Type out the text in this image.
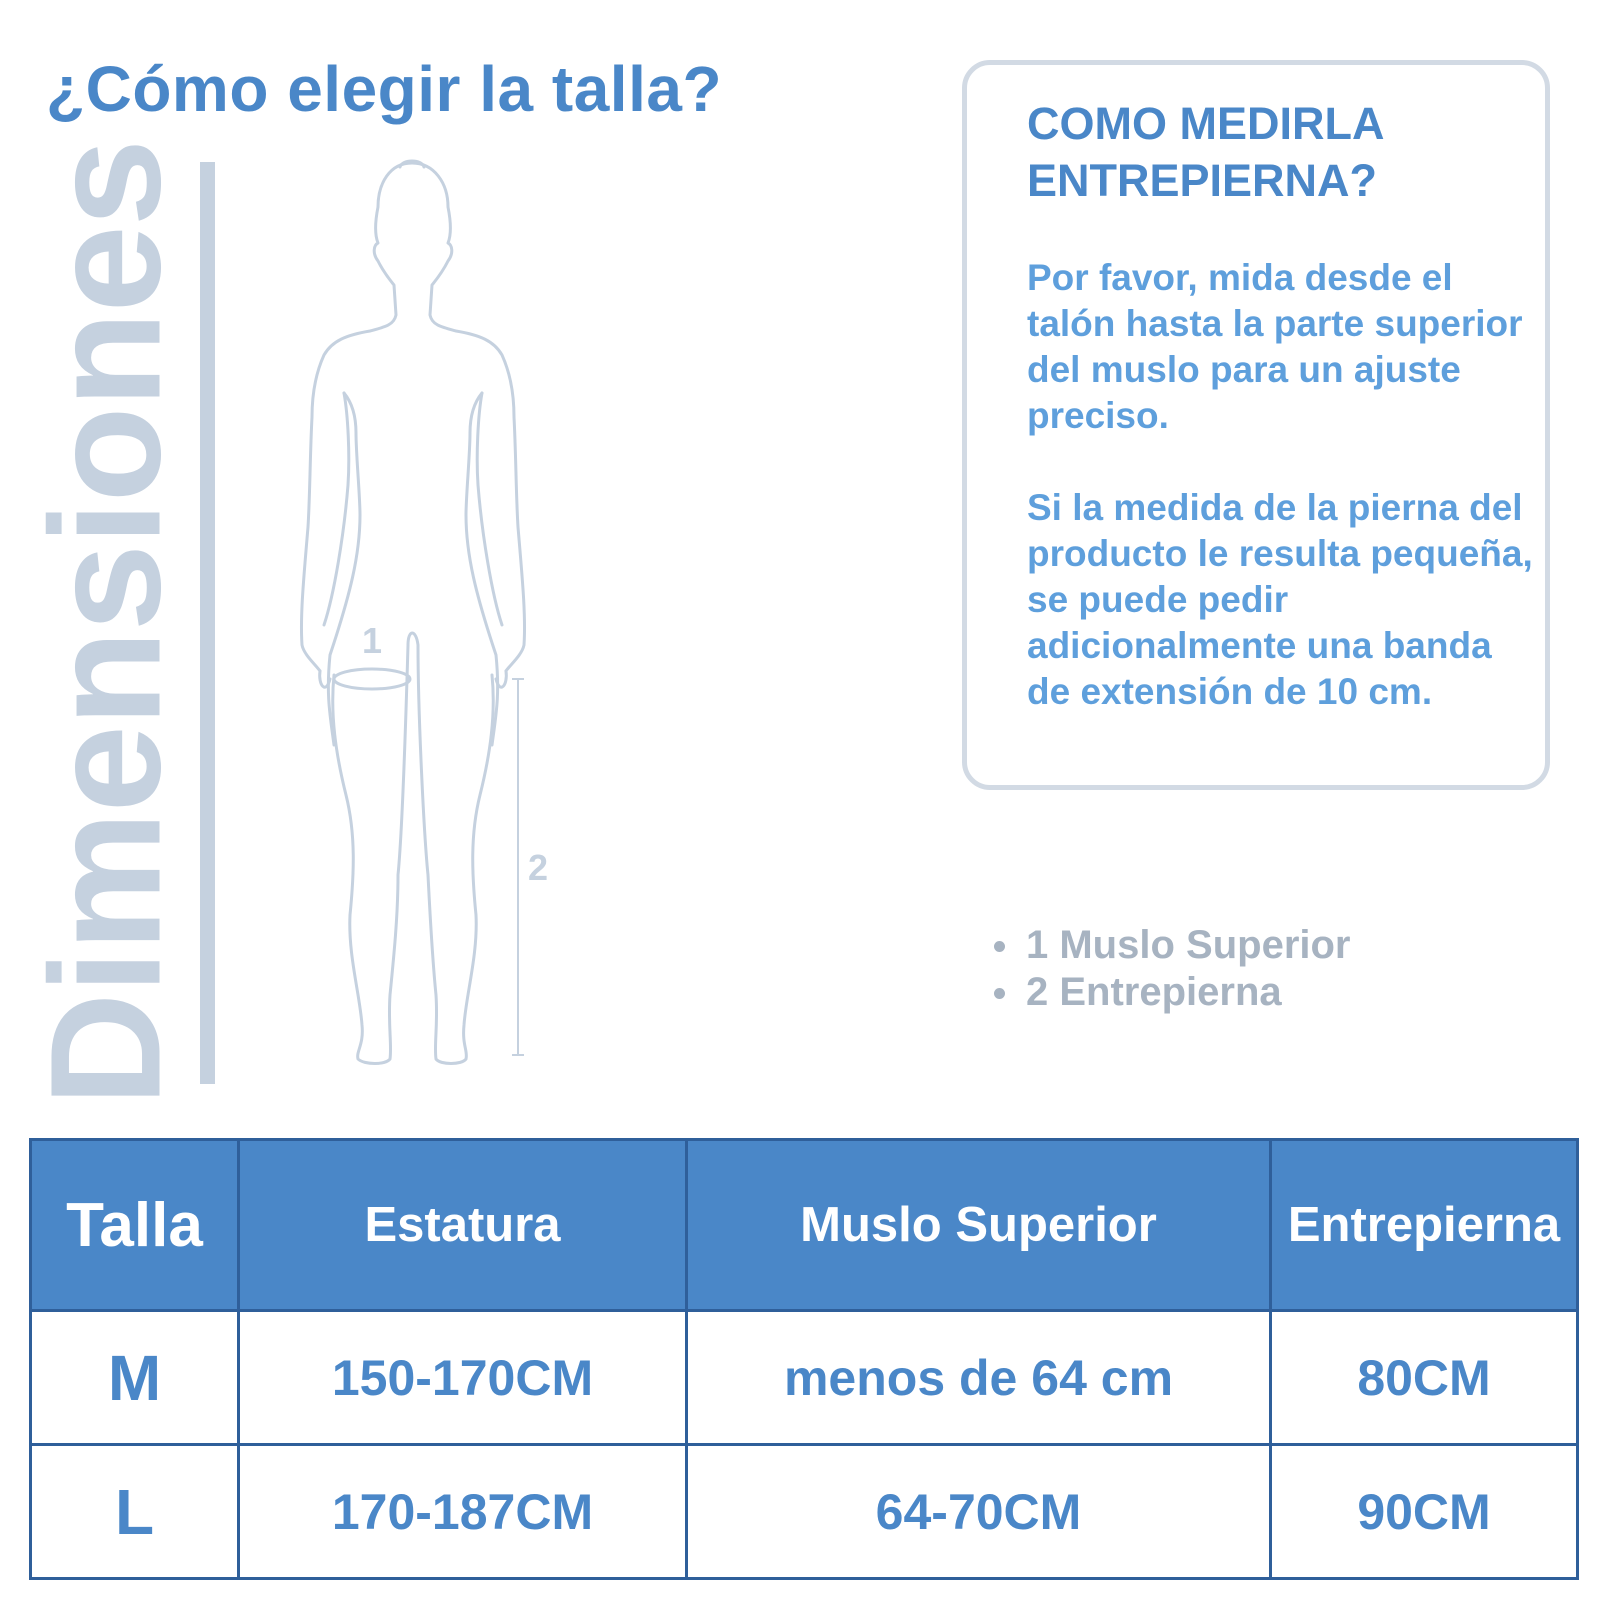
¿Cómo elegir la talla?
Dimensiones	1
2
COMO MEDIRLA ENTREPIERNA?
Por favor, mida desde el talón hasta la parte superior del muslo para un ajuste preciso.
Si la medida de la pierna del producto le resulta pequeña, se puede pedir adicionalmente una banda de extensión de 10 cm.
1 Muslo Superior
2 Entrepierna
Talla	Estatura	Muslo Superior	Entrepierna
M	150-170CM	menos de 64 cm	80CM
L	170-187CM	64-70CM	90CM
